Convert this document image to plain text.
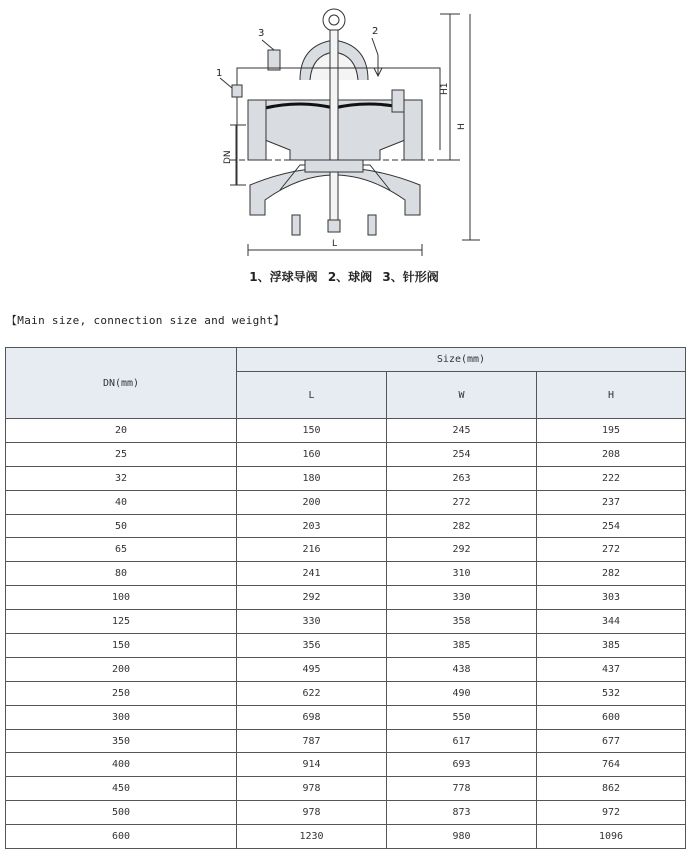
3	2
1
H1
H
DN
L
1、浮球导阀 2、球阀 3、针形阀
【Main size, connection size and weight】
DN(mm)	Size(mm)		
	L	W	H
20	150	245	195
25	160	254	208
32	180	263	222
40	200	272	237
50	203	282	254
65	216	292	272
80	241	310	282
100	292	330	303
125	330	358	344
150	356	385	385
200	495	438	437
250	622	490	532
300	698	550	600
350	787	617	677
400	914	693	764
450	978	778	862
500	978	873	972
600	1230	980	1096
